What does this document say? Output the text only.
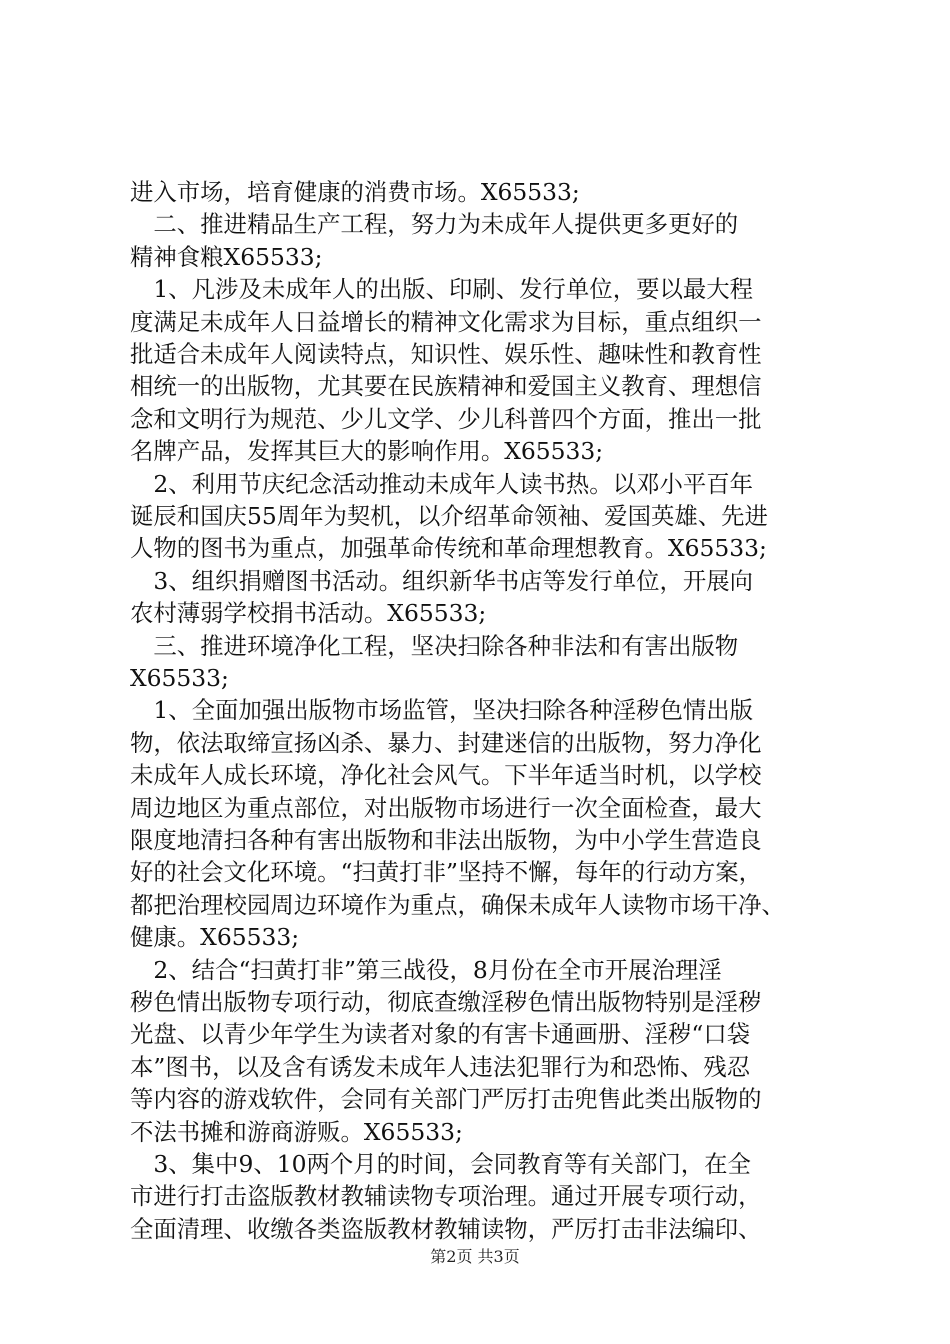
进入市场，培育健康的消费市场。X65533;
　二、推进精品生产工程，努力为未成年人提供更多更好的
精神食粮X65533;
　1、凡涉及未成年人的出版、印刷、发行单位，要以最大程
度满足未成年人日益增长的精神文化需求为目标，重点组织一
批适合未成年人阅读特点，知识性、娱乐性、趣味性和教育性
相统一的出版物，尤其要在民族精神和爱国主义教育、理想信
念和文明行为规范、少儿文学、少儿科普四个方面，推出一批
名牌产品，发挥其巨大的影响作用。X65533;
　2、利用节庆纪念活动推动未成年人读书热。以邓小平百年
诞辰和国庆55周年为契机，以介绍革命领袖、爱国英雄、先进
人物的图书为重点，加强革命传统和革命理想教育。X65533;
　3、组织捐赠图书活动。组织新华书店等发行单位，开展向
农村薄弱学校捐书活动。X65533;
　三、推进环境净化工程，坚决扫除各种非法和有害出版物
X65533;
　1、全面加强出版物市场监管，坚决扫除各种淫秽色情出版
物，依法取缔宣扬凶杀、暴力、封建迷信的出版物，努力净化
未成年人成长环境，净化社会风气。下半年适当时机，以学校
周边地区为重点部位，对出版物市场进行一次全面检查，最大
限度地清扫各种有害出版物和非法出版物，为中小学生营造良
好的社会文化环境。“扫黄打非”坚持不懈，每年的行动方案，
都把治理校园周边环境作为重点，确保未成年人读物市场干净、
健康。X65533;
　2、结合“扫黄打非”第三战役，8月份在全市开展治理淫
秽色情出版物专项行动，彻底查缴淫秽色情出版物特别是淫秽
光盘、以青少年学生为读者对象的有害卡通画册、淫秽“口袋
本”图书，以及含有诱发未成年人违法犯罪行为和恐怖、残忍
等内容的游戏软件，会同有关部门严厉打击兜售此类出版物的
不法书摊和游商游贩。X65533;
　3、集中9、10两个月的时间，会同教育等有关部门，在全
市进行打击盗版教材教辅读物专项治理。通过开展专项行动，
全面清理、收缴各类盗版教材教辅读物，严厉打击非法编印、
第2页 共3页
